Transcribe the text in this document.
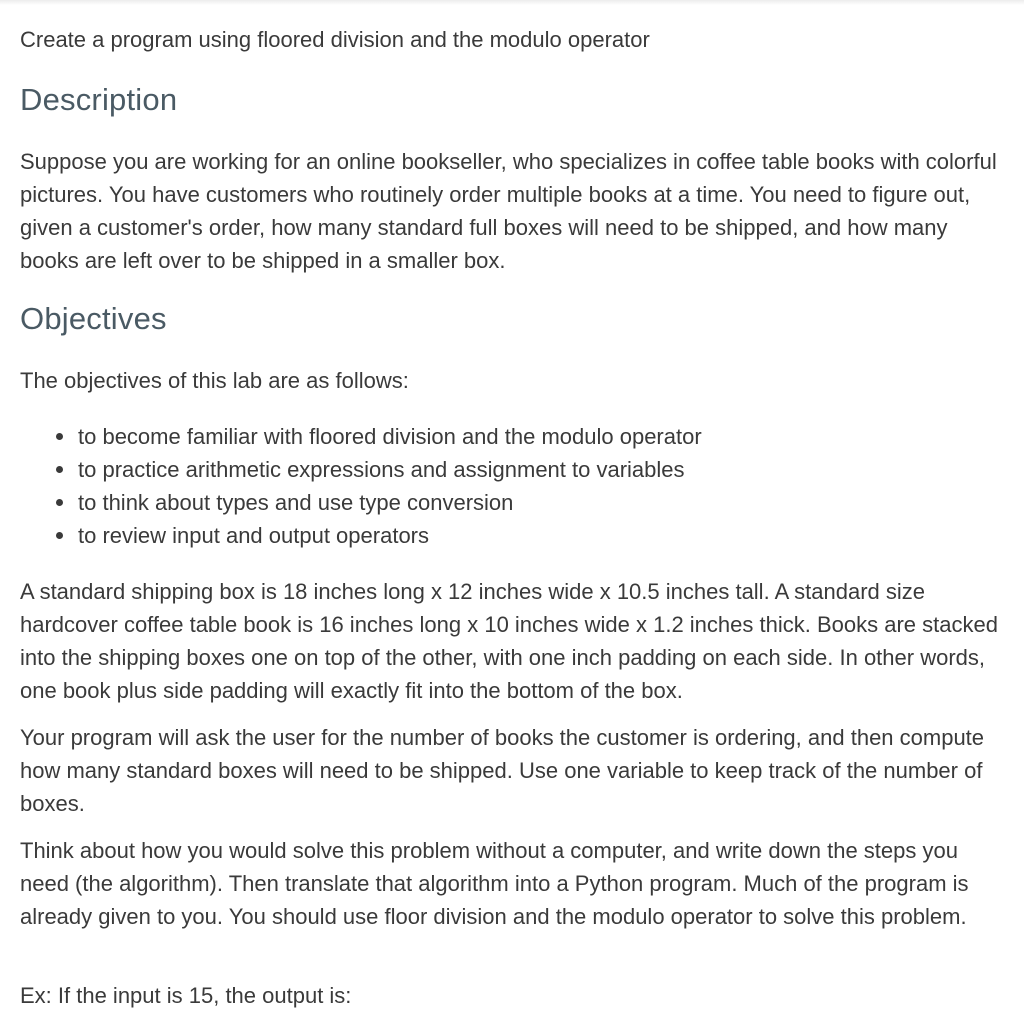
Create a program using floored division and the modulo operator

Description

Suppose you are working for an online bookseller, who specializes in coffee table books with colorful pictures. You have customers who routinely order multiple books at a time. You need to figure out, given a customer's order, how many standard full boxes will need to be shipped, and how many books are left over to be shipped in a smaller box.

Objectives

The objectives of this lab are as follows:

to become familiar with floored division and the modulo operator
to practice arithmetic expressions and assignment to variables
to think about types and use type conversion
to review input and output operators

A standard shipping box is 18 inches long x 12 inches wide x 10.5 inches tall. A standard size hardcover coffee table book is 16 inches long x 10 inches wide x 1.2 inches thick. Books are stacked into the shipping boxes one on top of the other, with one inch padding on each side. In other words, one book plus side padding will exactly fit into the bottom of the box.

Your program will ask the user for the number of books the customer is ordering, and then compute how many standard boxes will need to be shipped. Use one variable to keep track of the number of boxes.

Think about how you would solve this problem without a computer, and write down the steps you need (the algorithm). Then translate that algorithm into a Python program. Much of the program is already given to you. You should use floor division and the modulo operator to solve this problem.

Ex: If the input is 15, the output is:
